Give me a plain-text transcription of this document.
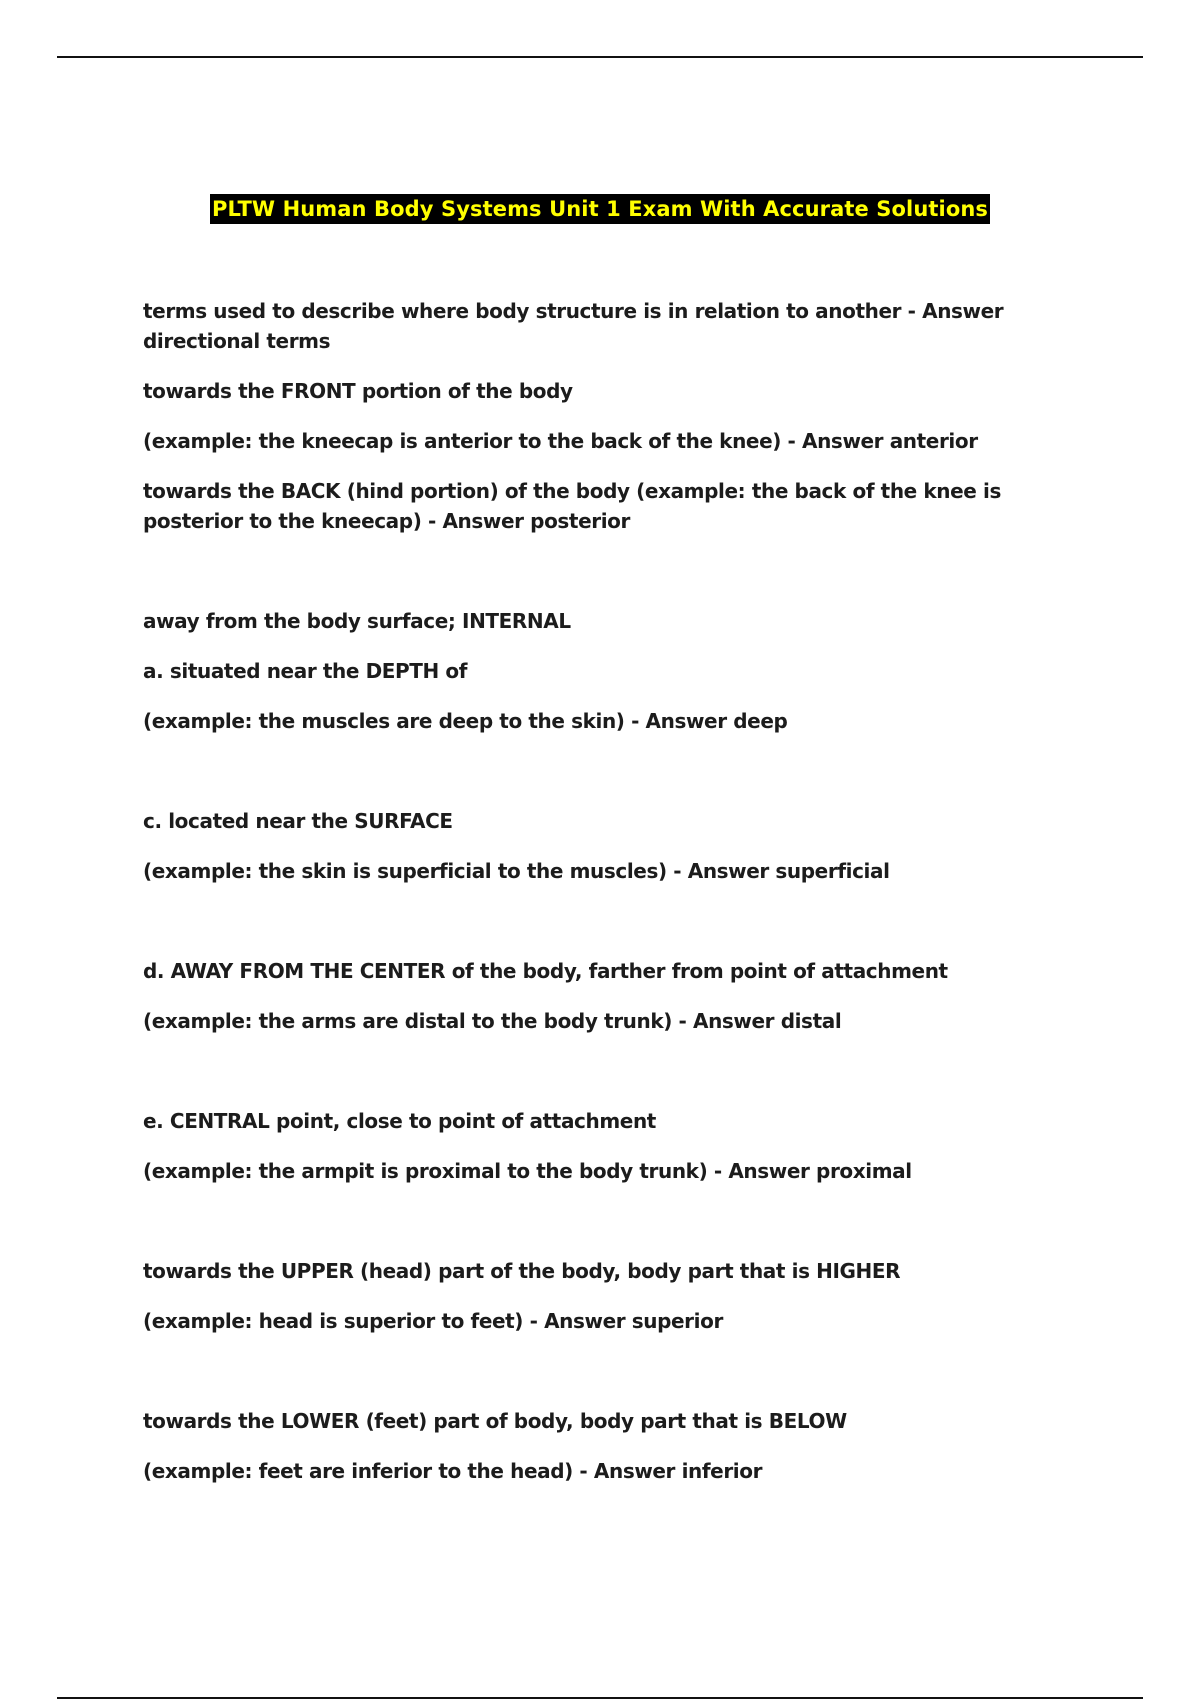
PLTW Human Body Systems Unit 1 Exam With Accurate Solutions

terms used to describe where body structure is in relation to another - Answer directional terms

towards the FRONT portion of the body

(example: the kneecap is anterior to the back of the knee) - Answer anterior

towards the BACK (hind portion) of the body (example: the back of the knee is posterior to the kneecap) - Answer posterior

away from the body surface; INTERNAL

a. situated near the DEPTH of

(example: the muscles are deep to the skin) - Answer deep

c. located near the SURFACE

(example: the skin is superficial to the muscles) - Answer superficial

d. AWAY FROM THE CENTER of the body, farther from point of attachment

(example: the arms are distal to the body trunk) - Answer distal

e. CENTRAL point, close to point of attachment

(example: the armpit is proximal to the body trunk) - Answer proximal

towards the UPPER (head) part of the body, body part that is HIGHER

(example: head is superior to feet) - Answer superior

towards the LOWER (feet) part of body, body part that is BELOW

(example: feet are inferior to the head) - Answer inferior
